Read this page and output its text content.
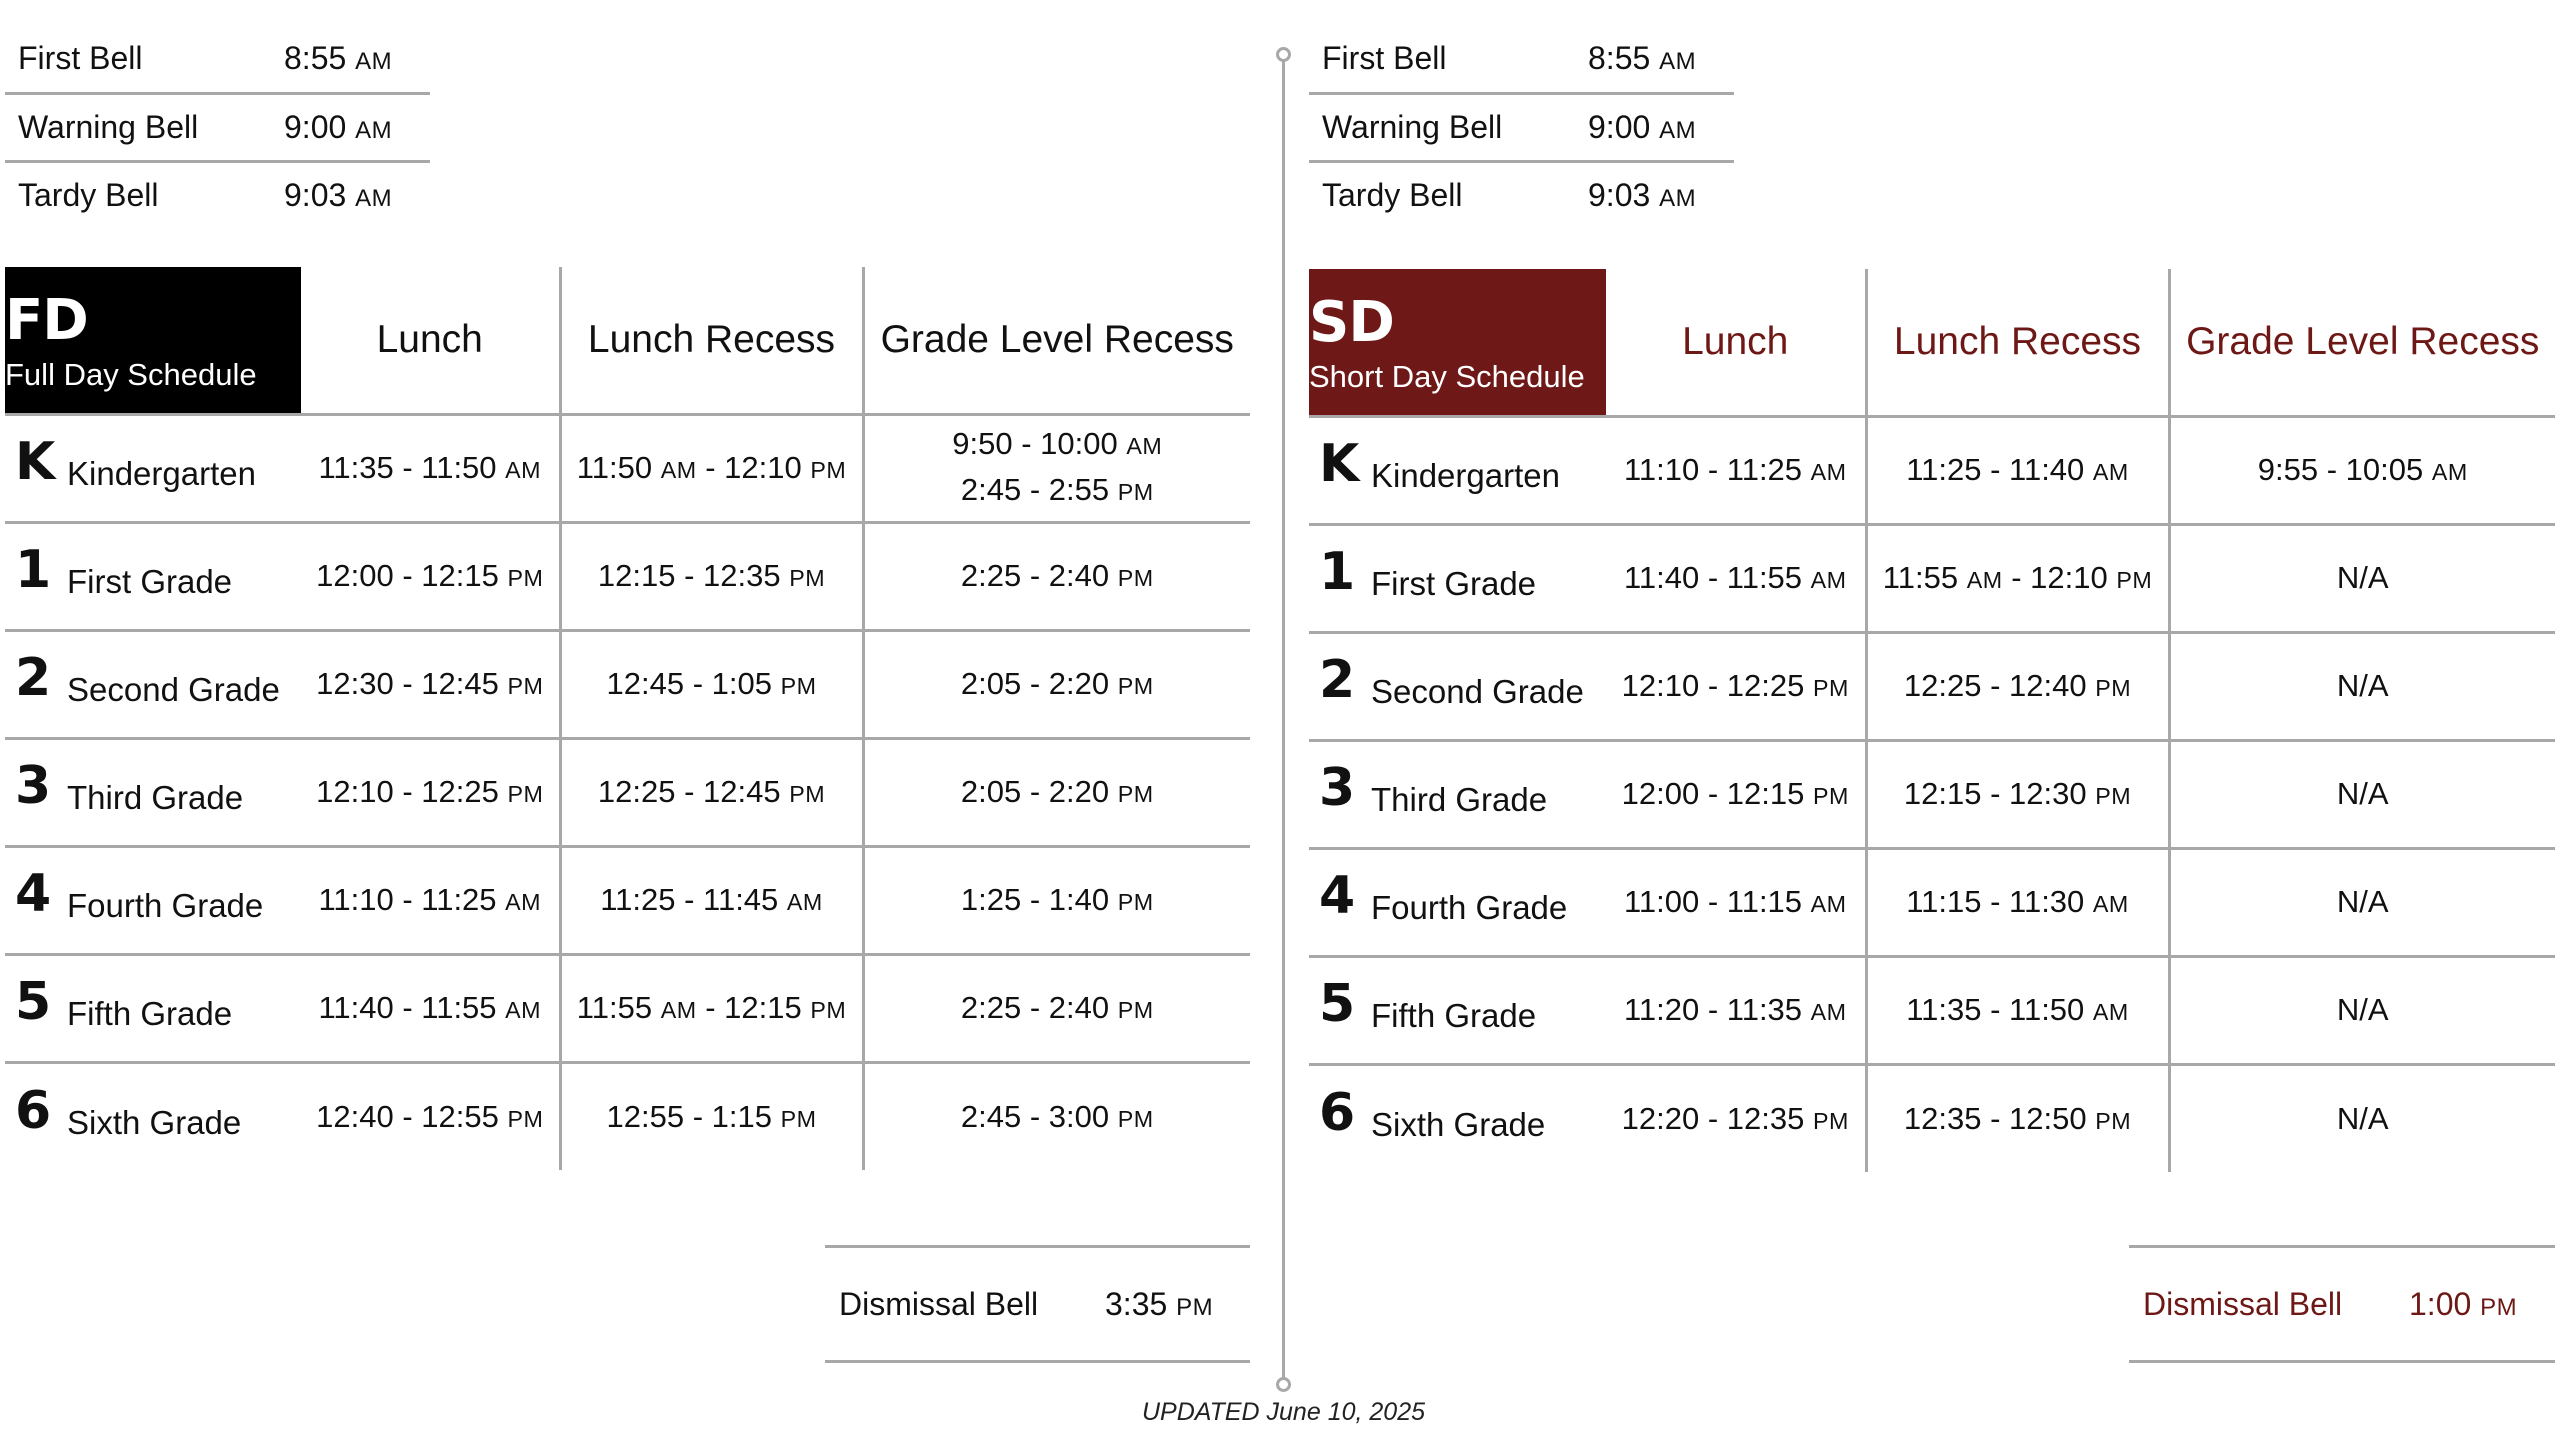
First Bell	8:55 AM
Warning Bell	9:00 AM
Tardy Bell	9:03 AM
FD
Full Day Schedule	Lunch	Lunch Recess	Grade Level Recess
K Kindergarten	11:35 - 11:50 AM	11:50 AM - 12:10 PM	9:50 - 10:00 AM
2:45 - 2:55 PM

1 First Grade	12:00 - 12:15 PM	12:15 - 12:35 PM	2:25 - 2:40 PM
2 Second Grade	12:30 - 12:45 PM	12:45 - 1:05 PM	2:05 - 2:20 PM
3 Third Grade	12:10 - 12:25 PM	12:25 - 12:45 PM	2:05 - 2:20 PM
4 Fourth Grade	11:10 - 11:25 AM	11:25 - 11:45 AM	1:25 - 1:40 PM
5 Fifth Grade	11:40 - 11:55 AM	11:55 AM - 12:15 PM	2:25 - 2:40 PM
6 Sixth Grade	12:40 - 12:55 PM	12:55 - 1:15 PM	2:45 - 3:00 PM
Dismissal Bell	3:35 PM
First Bell	8:55 AM
Warning Bell	9:00 AM
Tardy Bell	9:03 AM
SD
Short Day Schedule	Lunch	Lunch Recess	Grade Level Recess
K Kindergarten	11:10 - 11:25 AM	11:25 - 11:40 AM	9:55 - 10:05 AM
1 First Grade	11:40 - 11:55 AM	11:55 AM - 12:10 PM	N/A
2 Second Grade	12:10 - 12:25 PM	12:25 - 12:40 PM	N/A
3 Third Grade	12:00 - 12:15 PM	12:15 - 12:30 PM	N/A
4 Fourth Grade	11:00 - 11:15 AM	11:15 - 11:30 AM	N/A
5 Fifth Grade	11:20 - 11:35 AM	11:35 - 11:50 AM	N/A
6 Sixth Grade	12:20 - 12:35 PM	12:35 - 12:50 PM	N/A
Dismissal Bell	1:00 PM
UPDATED June 10, 2025
